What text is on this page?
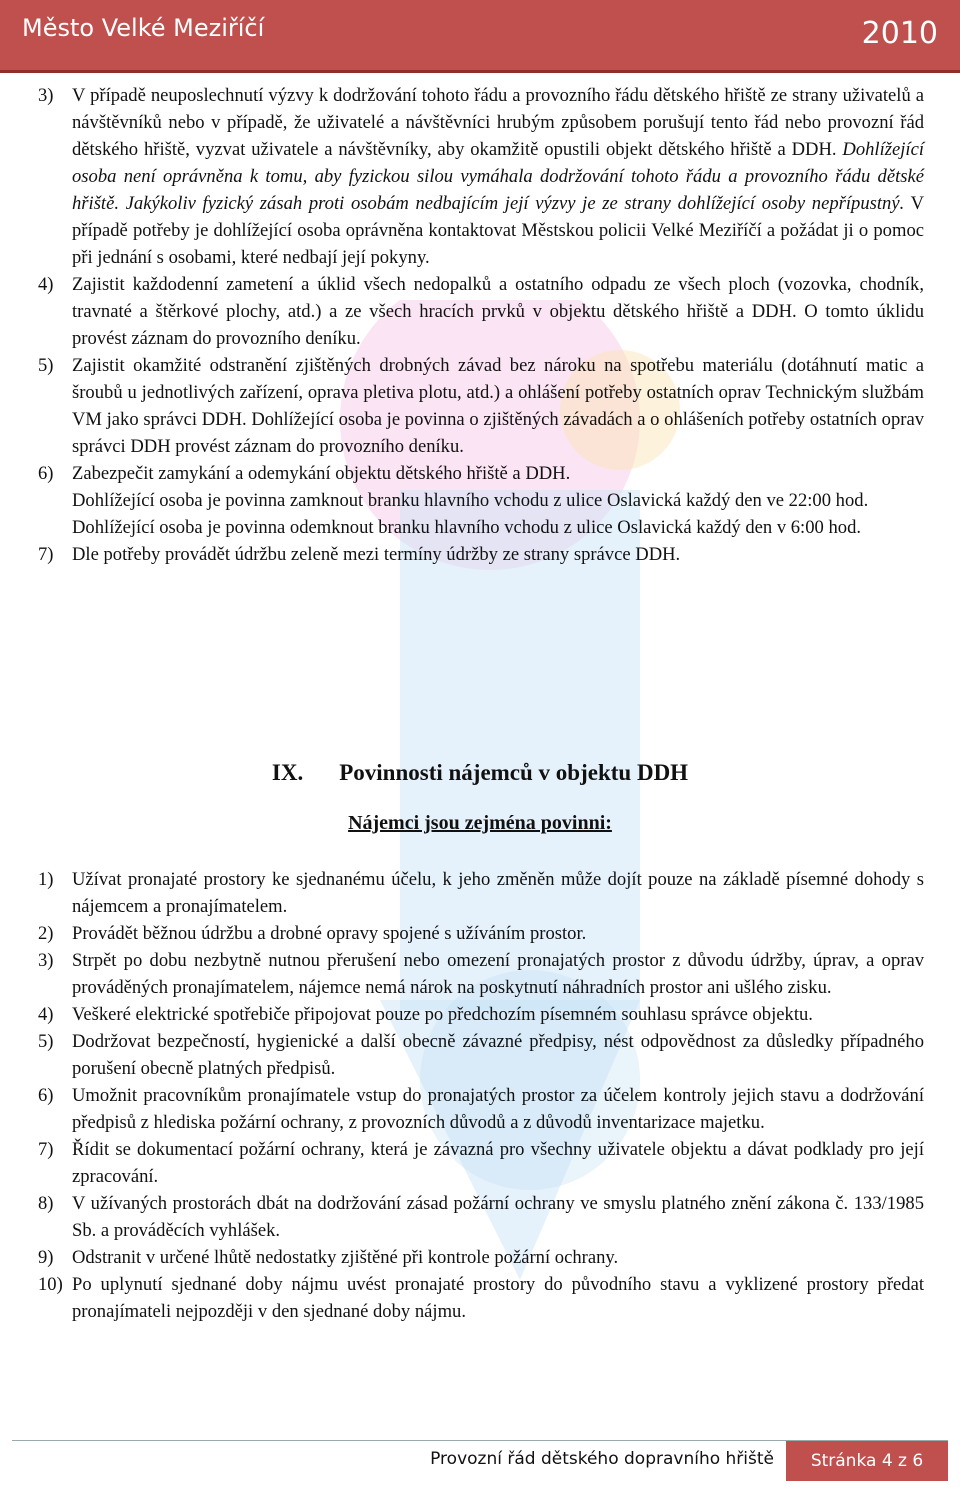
Město Velké Meziříčí	2010
3) V případě neuposlechnutí výzvy k dodržování tohoto řádu a provozního řádu dětského hřiště ze strany uživatelů a návštěvníků nebo v případě, že uživatelé a návštěvníci hrubým způsobem porušují tento řád nebo provozní řád dětského hřiště, vyzvat uživatele a návštěvníky, aby okamžitě opustili objekt dětského hřiště a DDH. Dohlížející osoba není oprávněna k tomu, aby fyzickou silou vymáhala dodržování tohoto řádu a provozního řádu dětské hřiště. Jakýkoliv fyzický zásah proti osobám nedbajícím její výzvy je ze strany dohlížející osoby nepřípustný. V případě potřeby je dohlížející osoba oprávněna kontaktovat Městskou policii Velké Meziříčí a požádat ji o pomoc při jednání s osobami, které nedbají její pokyny.
4) Zajistit každodenní zametení a úklid všech nedopalků a ostatního odpadu ze všech ploch (vozovka, chodník, travnaté a štěrkové plochy, atd.) a ze všech hracích prvků v objektu dětského hřiště a DDH. O tomto úklidu provést záznam do provozního deníku.
5) Zajistit okamžité odstranění zjištěných drobných závad bez nároku na spotřebu materiálu (dotáhnutí matic a šroubů u jednotlivých zařízení, oprava pletiva plotu, atd.) a ohlášení potřeby ostatních oprav Technickým službám VM jako správci DDH. Dohlížející osoba je povinna o zjištěných závadách a o ohlášeních potřeby ostatních oprav správci DDH provést záznam do provozního deníku.
6) Zabezpečit zamykání a odemykání objektu dětského hřiště a DDH.

Dohlížející osoba je povinna zamknout branku hlavního vchodu z ulice Oslavická každý den ve 22:00 hod.

Dohlížející osoba je povinna odemknout branku hlavního vchodu z ulice Oslavická každý den v 6:00 hod.

7) Dle potřeby provádět údržbu zeleně mezi termíny údržby ze strany správce DDH.
IX. Povinnosti nájemců v objektu DDH
Nájemci jsou zejména povinni:
1) Užívat pronajaté prostory ke sjednanému účelu, k jeho změněn může dojít pouze na základě písemné dohody s nájemcem a pronajímatelem.
2) Provádět běžnou údržbu a drobné opravy spojené s užíváním prostor.
3) Strpět po dobu nezbytně nutnou přerušení nebo omezení pronajatých prostor z důvodu údržby, úprav, a oprav prováděných pronajímatelem, nájemce nemá nárok na poskytnutí náhradních prostor ani ušlého zisku.
4) Veškeré elektrické spotřebiče připojovat pouze po předchozím písemném souhlasu správce objektu.
5) Dodržovat bezpečností, hygienické a další obecně závazné předpisy, nést odpovědnost za důsledky případného porušení obecně platných předpisů.
6) Umožnit pracovníkům pronajímatele vstup do pronajatých prostor za účelem kontroly jejich stavu a dodržování předpisů z hlediska požární ochrany, z provozních důvodů a z důvodů inventarizace majetku.
7) Řídit se dokumentací požární ochrany, která je závazná pro všechny uživatele objektu a dávat podklady pro její zpracování.
8) V užívaných prostorách dbát na dodržování zásad požární ochrany ve smyslu platného znění zákona č. 133/1985 Sb. a prováděcích vyhlášek.
9) Odstranit v určené lhůtě nedostatky zjištěné při kontrole požární ochrany.
10) Po uplynutí sjednané doby nájmu uvést pronajaté prostory do původního stavu a vyklizené prostory předat pronajímateli nejpozději v den sjednané doby nájmu.
Provozní řád dětského dopravního hřiště	Stránka 4 z 6
